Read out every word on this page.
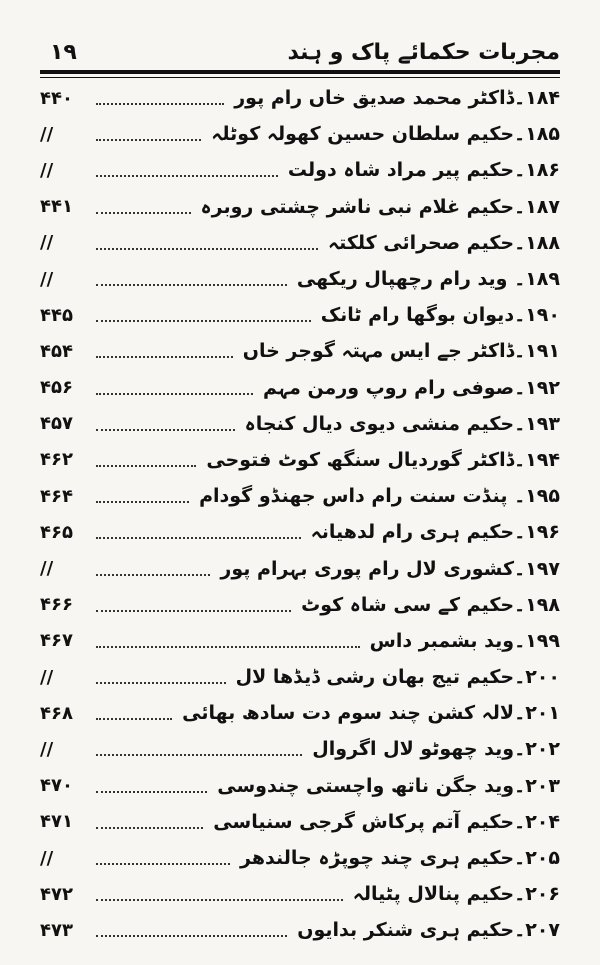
۱۹	مجربات حکمائے پاک و ہند
۱۸۴۔ڈاکٹر محمد صدیق خاں رام پور
۴۴۰
۱۸۵۔حکیم سلطان حسین کھولہ کوٹلہ
//
۱۸۶۔حکیم پیر مراد شاہ دولت
//
۱۸۷۔حکیم غلام نبی ناشر چشتی روبرہ
۴۴۱
۱۸۸۔حکیم صحرائی کلکتہ
//
۱۸۹۔ وید رام رچھپال ریکھی
//
۱۹۰۔دیوان بوگھا رام ٹانک
۴۴۵
۱۹۱۔ڈاکٹر جے ایس مہتہ گوجر خاں
۴۵۴
۱۹۲۔صوفی رام روپ ورمن مہم
۴۵۶
۱۹۳۔حکیم منشی دیوی دیال کنجاہ
۴۵۷
۱۹۴۔ڈاکٹر گوردیال سنگھ کوٹ فتوحی
۴۶۲
۱۹۵۔ پنڈت سنت رام داس جھنڈو گودام
۴۶۴
۱۹۶۔حکیم ہری رام لدھیانہ
۴۶۵
۱۹۷۔کشوری لال رام پوری بہرام پور
//
۱۹۸۔حکیم کے سی شاہ کوٹ
۴۶۶
۱۹۹۔وید بشمبر داس
۴۶۷
۲۰۰۔حکیم تیج بھان رشی ڈیڈھا لال
//
۲۰۱۔لالہ کشن چند سوم دت سادھ بھائی
۴۶۸
۲۰۲۔وید چھوٹو لال اگروال
//
۲۰۳۔وید جگن ناتھ واچستی چندوسی
۴۷۰
۲۰۴۔حکیم آتم پرکاش گرجی سنیاسی
۴۷۱
۲۰۵۔حکیم ہری چند چوپڑہ جالندھر
//
۲۰۶۔حکیم پنالال پٹیالہ
۴۷۲
۲۰۷۔حکیم ہری شنکر بدایوں
۴۷۳
